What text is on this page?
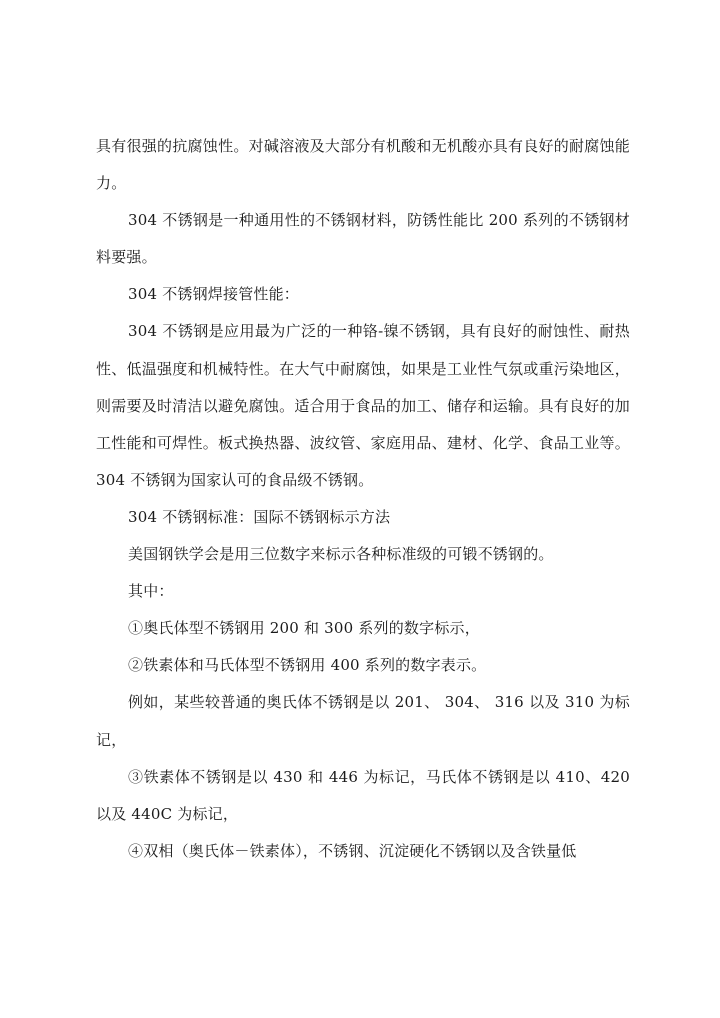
具有很强的抗腐蚀性。对碱溶液及大部分有机酸和无机酸亦具有良好的耐腐蚀能力。

304 不锈钢是一种通用性的不锈钢材料，防锈性能比 200 系列的不锈钢材料要强。

304 不锈钢焊接管性能：

304 不锈钢是应用最为广泛的一种铬-镍不锈钢，具有良好的耐蚀性、耐热性、低温强度和机械特性。在大气中耐腐蚀，如果是工业性气氛或重污染地区，则需要及时清洁以避免腐蚀。适合用于食品的加工、储存和运输。具有良好的加工性能和可焊性。板式换热器、波纹管、家庭用品、建材、化学、食品工业等。304 不锈钢为国家认可的食品级不锈钢。

304 不锈钢标准：国际不锈钢标示方法

美国钢铁学会是用三位数字来标示各种标准级的可锻不锈钢的。

其中：

①奥氏体型不锈钢用 200 和 300 系列的数字标示，

②铁素体和马氏体型不锈钢用 400 系列的数字表示。

例如，某些较普通的奥氏体不锈钢是以 201、 304、 316 以及 310 为标记，

③铁素体不锈钢是以 430 和 446 为标记，马氏体不锈钢是以 410、420 以及 440C 为标记，

④双相（奥氏体－铁素体），不锈钢、沉淀硬化不锈钢以及含铁量低
